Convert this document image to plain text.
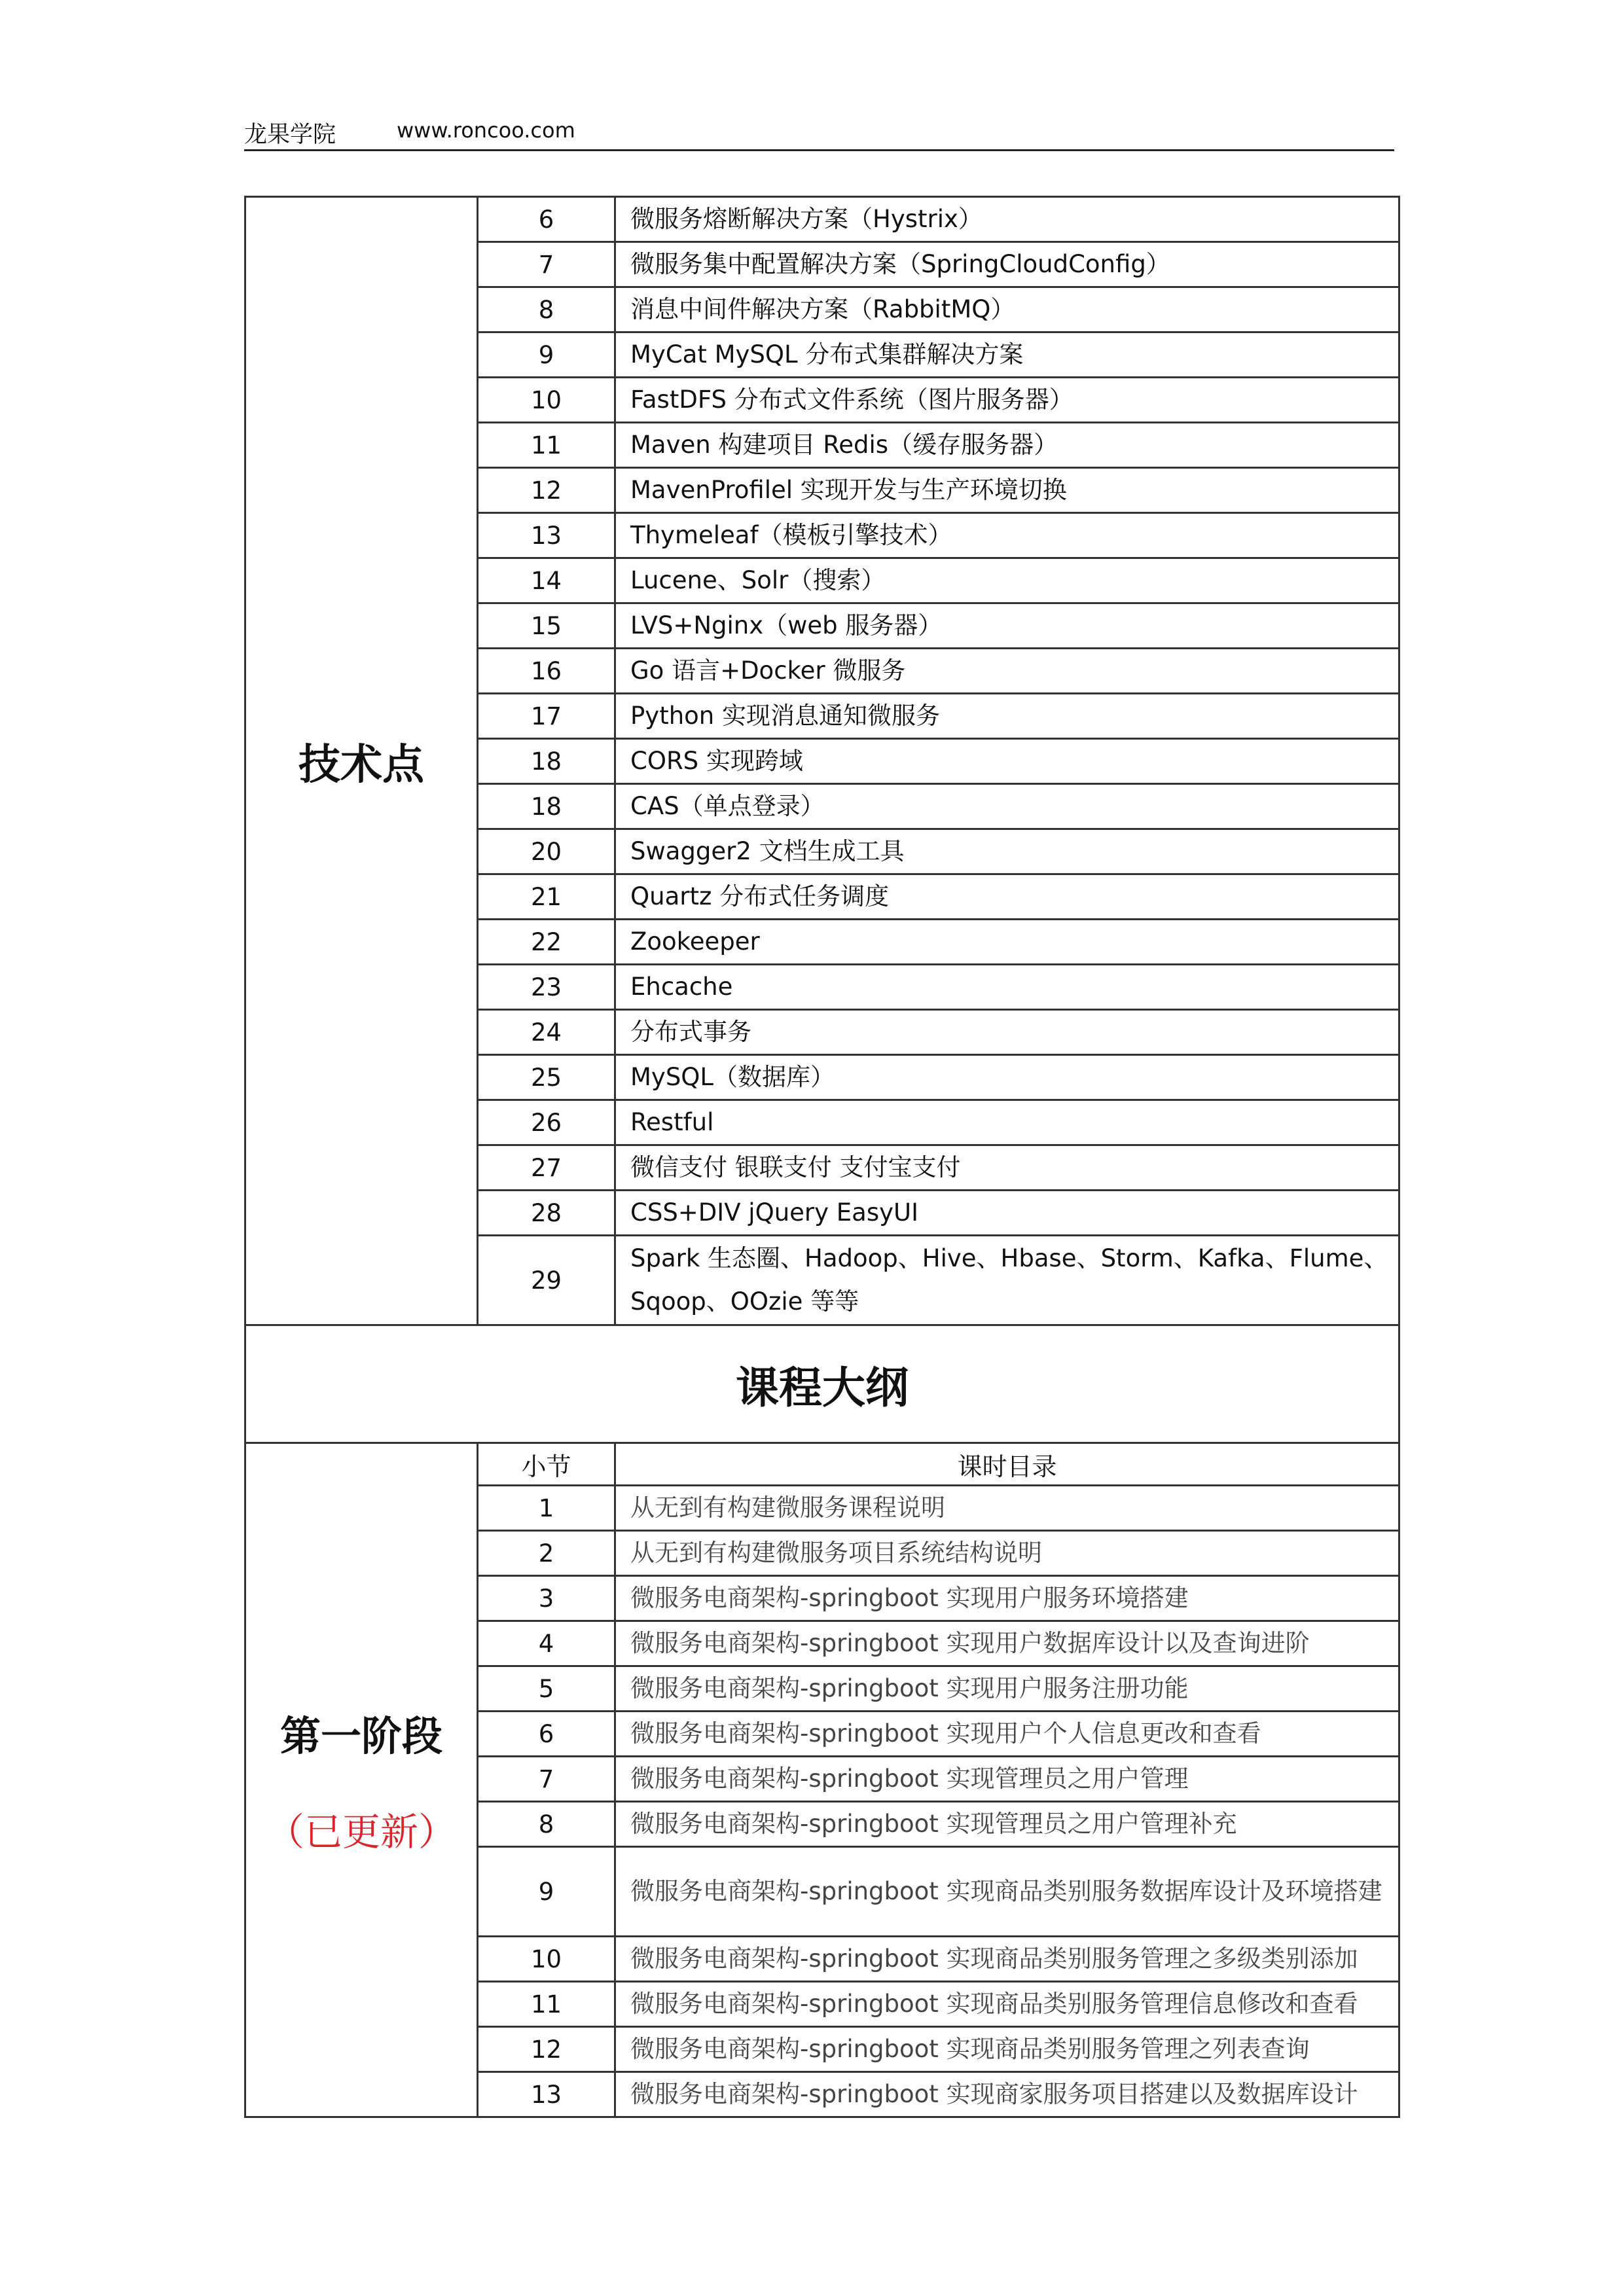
龙果学院	www.roncoo.com
技术点	6	微服务熔断解决方案（Hystrix）
	7	微服务集中配置解决方案（SpringCloudConfig）
	8	消息中间件解决方案（RabbitMQ）
	9	MyCat MySQL 分布式集群解决方案
	10	FastDFS 分布式文件系统（图片服务器）
	11	Maven 构建项目 Redis（缓存服务器）
	12	MavenProfilel 实现开发与生产环境切换
	13	Thymeleaf（模板引擎技术）
	14	Lucene、Solr（搜索）
	15	LVS+Nginx（web 服务器）
	16	Go 语言+Docker 微服务
	17	Python 实现消息通知微服务
	18	CORS 实现跨域
	18	CAS（单点登录）
	20	Swagger2 文档生成工具
	21	Quartz 分布式任务调度
	22	Zookeeper
	23	Ehcache
	24	分布式事务
	25	MySQL（数据库）
	26	Restful
	27	微信支付 银联支付 支付宝支付
	28	CSS+DIV jQuery EasyUI
	29	Spark 生态圈、Hadoop、Hive、Hbase、Storm、Kafka、Flume、Sqoop、OOzie 等等
课程大纲		

第一阶段
（已更新）	小节	课时目录
	1	从无到有构建微服务课程说明
	2	从无到有构建微服务项目系统结构说明
	3	微服务电商架构-springboot 实现用户服务环境搭建
	4	微服务电商架构-springboot 实现用户数据库设计以及查询进阶
	5	微服务电商架构-springboot 实现用户服务注册功能
	6	微服务电商架构-springboot 实现用户个人信息更改和查看
	7	微服务电商架构-springboot 实现管理员之用户管理
	8	微服务电商架构-springboot 实现管理员之用户管理补充
	9	微服务电商架构-springboot 实现商品类别服务数据库设计及环境搭建
	10	微服务电商架构-springboot 实现商品类别服务管理之多级类别添加
	11	微服务电商架构-springboot 实现商品类别服务管理信息修改和查看
	12	微服务电商架构-springboot 实现商品类别服务管理之列表查询
	13	微服务电商架构-springboot 实现商家服务项目搭建以及数据库设计
